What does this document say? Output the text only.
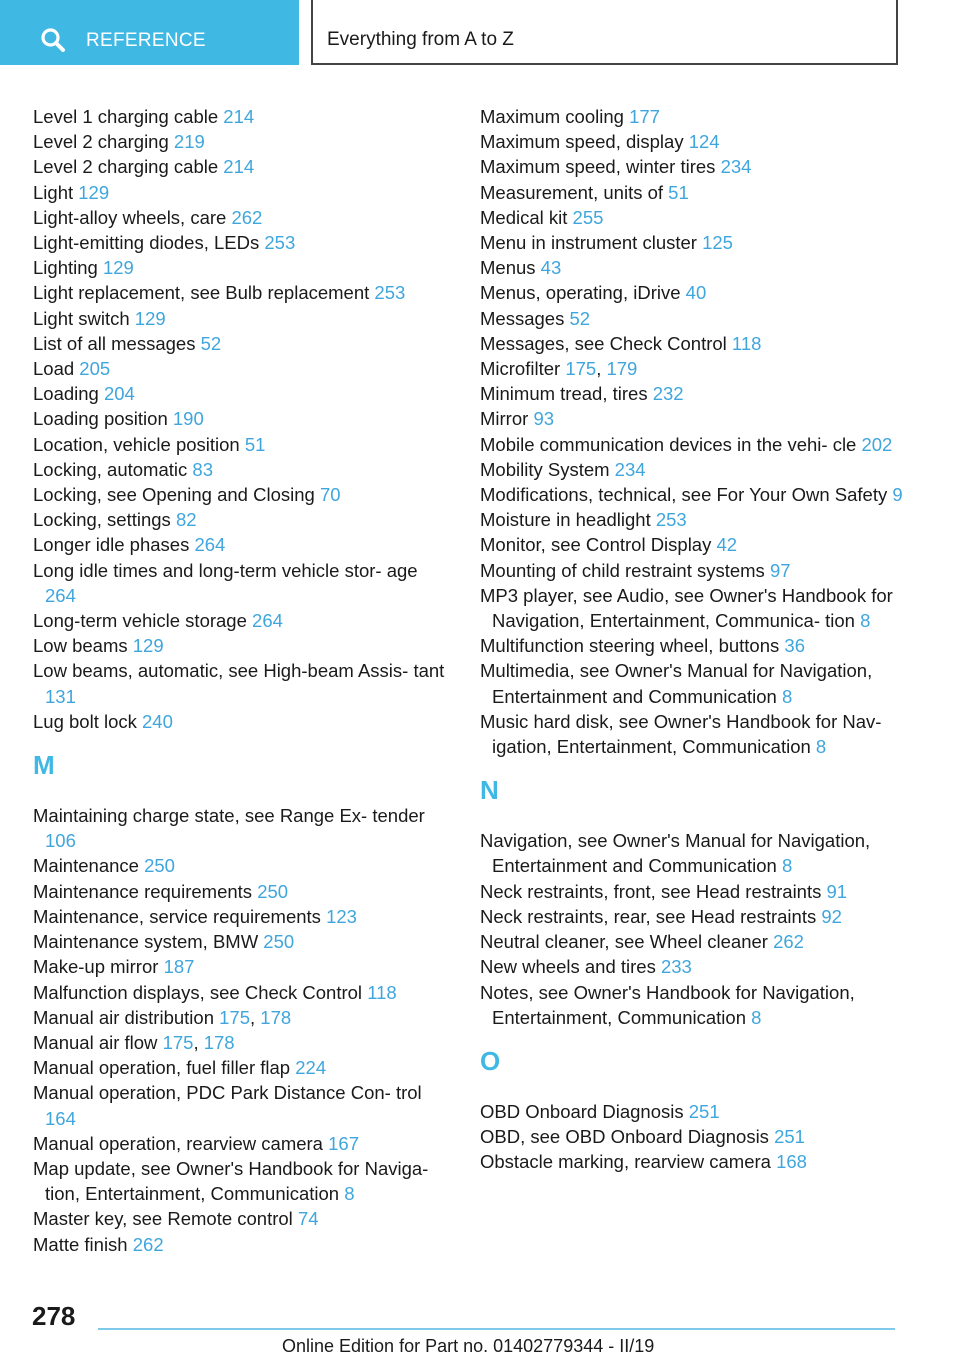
REFERENCE	Everything from A to Z
Level 1 charging cable 214
Level 2 charging 219
Level 2 charging cable 214
Light 129
Light-alloy wheels, care 262
Light-emitting diodes, LEDs 253
Lighting 129
Light replacement, see Bulb replacement 253
Light switch 129
List of all messages 52
Load 205
Loading 204
Loading position 190
Location, vehicle position 51
Locking, automatic 83
Locking, see Opening and Closing 70
Locking, settings 82
Longer idle phases 264
Long idle times and long-term vehicle stor‐ age 264
Long-term vehicle storage 264
Low beams 129
Low beams, automatic, see High-beam Assis‐ tant 131
Lug bolt lock 240
M
Maintaining charge state, see Range Ex‐ tender 106
Maintenance 250
Maintenance requirements 250
Maintenance, service requirements 123
Maintenance system, BMW 250
Make-up mirror 187
Malfunction displays, see Check Control 118
Manual air distribution 175, 178
Manual air flow 175, 178
Manual operation, fuel filler flap 224
Manual operation, PDC Park Distance Con‐ trol 164
Manual operation, rearview camera 167
Map update, see Owner's Handbook for Naviga‐ tion, Entertainment, Communication 8
Master key, see Remote control 74
Matte finish 262
Maximum cooling 177
Maximum speed, display 124
Maximum speed, winter tires 234
Measurement, units of 51
Medical kit 255
Menu in instrument cluster 125
Menus 43
Menus, operating, iDrive 40
Messages 52
Messages, see Check Control 118
Microfilter 175, 179
Minimum tread, tires 232
Mirror 93
Mobile communication devices in the vehi‐ cle 202
Mobility System 234
Modifications, technical, see For Your Own Safety 9
Moisture in headlight 253
Monitor, see Control Display 42
Mounting of child restraint systems 97
MP3 player, see Audio, see Owner's Handbook for Navigation, Entertainment, Communica‐ tion 8
Multifunction steering wheel, buttons 36
Multimedia, see Owner's Manual for Navigation, Entertainment and Communication 8
Music hard disk, see Owner's Handbook for Nav‐ igation, Entertainment, Communication 8
N
Navigation, see Owner's Manual for Navigation, Entertainment and Communication 8
Neck restraints, front, see Head restraints 91
Neck restraints, rear, see Head restraints 92
Neutral cleaner, see Wheel cleaner 262
New wheels and tires 233
Notes, see Owner's Handbook for Navigation, Entertainment, Communication 8
O
OBD Onboard Diagnosis 251
OBD, see OBD Onboard Diagnosis 251
Obstacle marking, rearview camera 168
278
Online Edition for Part no. 01402779344 - II/19
